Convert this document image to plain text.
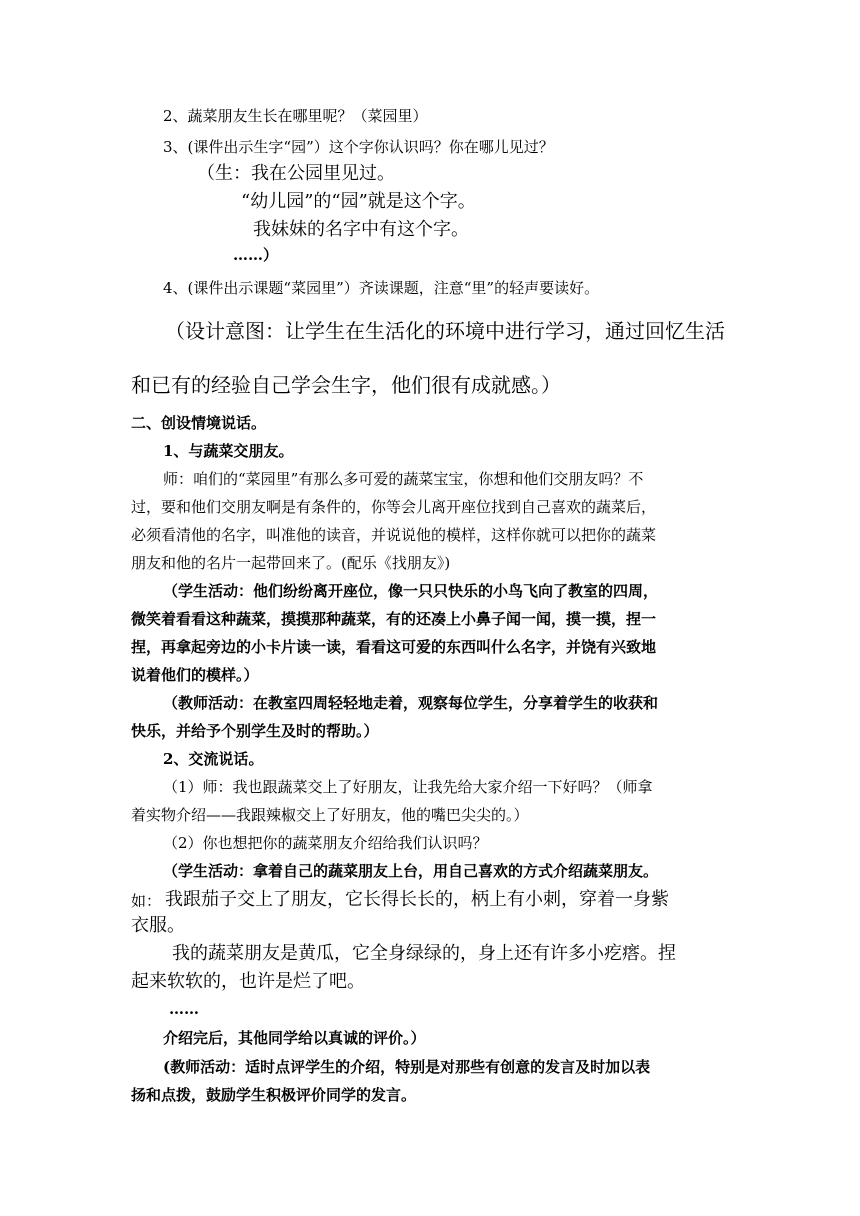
2、蔬菜朋友生长在哪里呢？（菜园里）
3、(课件出示生字“园”）这个字你认识吗？你在哪儿见过？
（生：我在公园里见过。
“幼儿园”的“园”就是这个字。
我妹妹的名字中有这个字。
……）
4、(课件出示课题“菜园里”）齐读课题，注意“里”的轻声要读好。
（设计意图：让学生在生活化的环境中进行学习，通过回忆生活
和已有的经验自己学会生字，他们很有成就感。）
二、创设情境说话。
1、与蔬菜交朋友。
师：咱们的“菜园里”有那么多可爱的蔬菜宝宝，你想和他们交朋友吗？不
过，要和他们交朋友啊是有条件的，你等会儿离开座位找到自己喜欢的蔬菜后，
必须看清他的名字，叫准他的读音，并说说他的模样，这样你就可以把你的蔬菜
朋友和他的名片一起带回来了。(配乐《找朋友》)
（学生活动：他们纷纷离开座位，像一只只快乐的小鸟飞向了教室的四周，
微笑着看看这种蔬菜，摸摸那种蔬菜，有的还凑上小鼻子闻一闻，摸一摸，捏一
捏，再拿起旁边的小卡片读一读，看看这可爱的东西叫什么名字，并饶有兴致地
说着他们的模样。）
（教师活动：在教室四周轻轻地走着，观察每位学生，分享着学生的收获和
快乐，并给予个别学生及时的帮助。）
2、交流说话。
（1）师：我也跟蔬菜交上了好朋友，让我先给大家介绍一下好吗？（师拿
着实物介绍——我跟辣椒交上了好朋友，他的嘴巴尖尖的。）
（2）你也想把你的蔬菜朋友介绍给我们认识吗？
（学生活动：拿着自己的蔬菜朋友上台，用自己喜欢的方式介绍蔬菜朋友。
如： 我跟茄子交上了朋友，它长得长长的，柄上有小刺，穿着一身紫
衣服。
我的蔬菜朋友是黄瓜，它全身绿绿的，身上还有许多小疙瘩。捏
起来软软的，也许是烂了吧。
……
介绍完后，其他同学给以真诚的评价。）
(教师活动：适时点评学生的介绍，特别是对那些有创意的发言及时加以表
扬和点拨，鼓励学生积极评价同学的发言。
